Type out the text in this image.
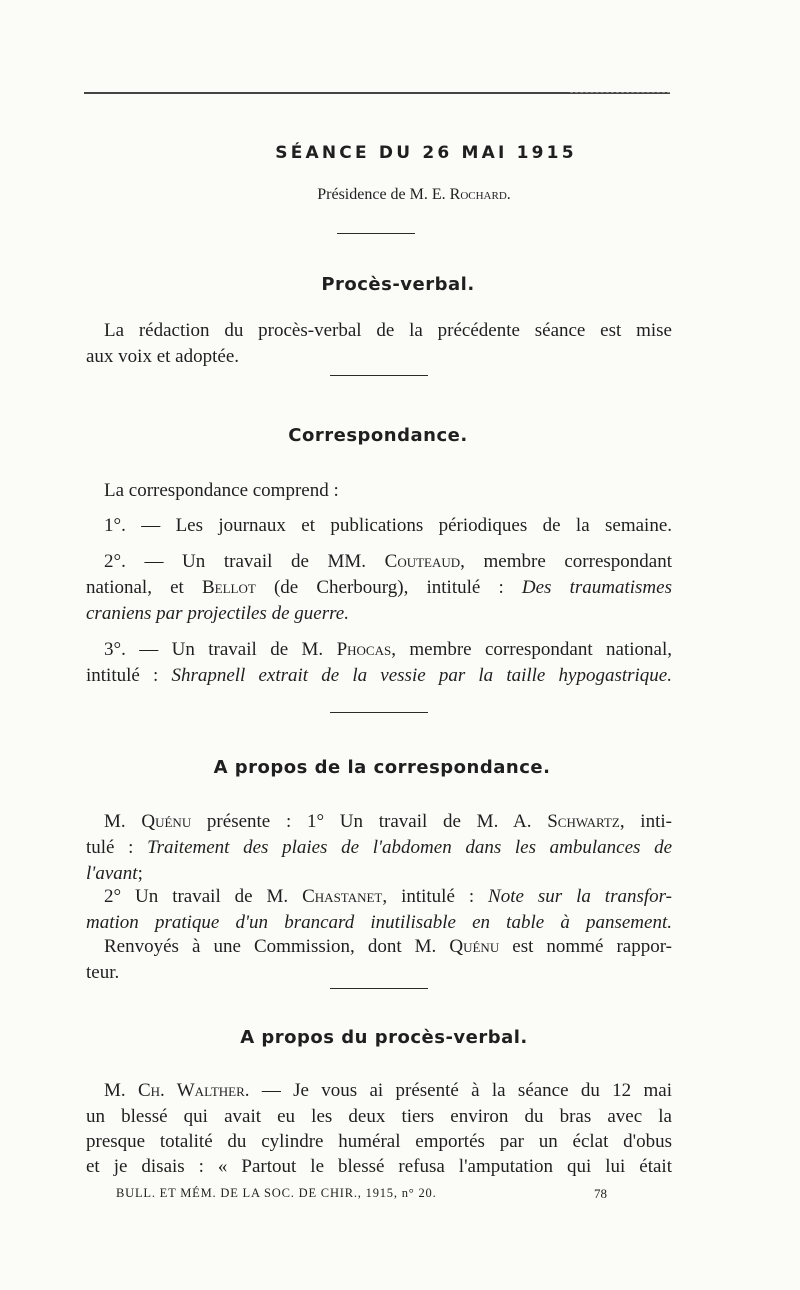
SÉANCE DU 26 MAI 1915
Présidence de M. E. Rochard.
Procès-verbal.
La rédaction du procès-verbal de la précédente séance est mise
aux voix et adoptée.
Correspondance.
La correspondance comprend :
1°. — Les journaux et publications périodiques de la semaine.
2°. — Un travail de MM. Couteaud, membre correspondant
national, et Bellot (de Cherbourg), intitulé : Des traumatismes
craniens par projectiles de guerre.
3°. — Un travail de M. Phocas, membre correspondant national,
intitulé : Shrapnell extrait de la vessie par la taille hypogastrique.
A propos de la correspondance.
M. Quénu présente : 1° Un travail de M. A. Schwartz, inti-
tulé : Traitement des plaies de l'abdomen dans les ambulances de
l'avant;
2° Un travail de M. Chastanet, intitulé : Note sur la transfor-
mation pratique d'un brancard inutilisable en table à pansement.
Renvoyés à une Commission, dont M. Quénu est nommé rappor-
teur.
A propos du procès-verbal.
M. Ch. Walther. — Je vous ai présenté à la séance du 12 mai
un blessé qui avait eu les deux tiers environ du bras avec la
presque totalité du cylindre huméral emportés par un éclat d'obus
et je disais : « Partout le blessé refusa l'amputation qui lui était
BULL. ET MÉM. DE LA SOC. DE CHIR., 1915, n° 20.	78
